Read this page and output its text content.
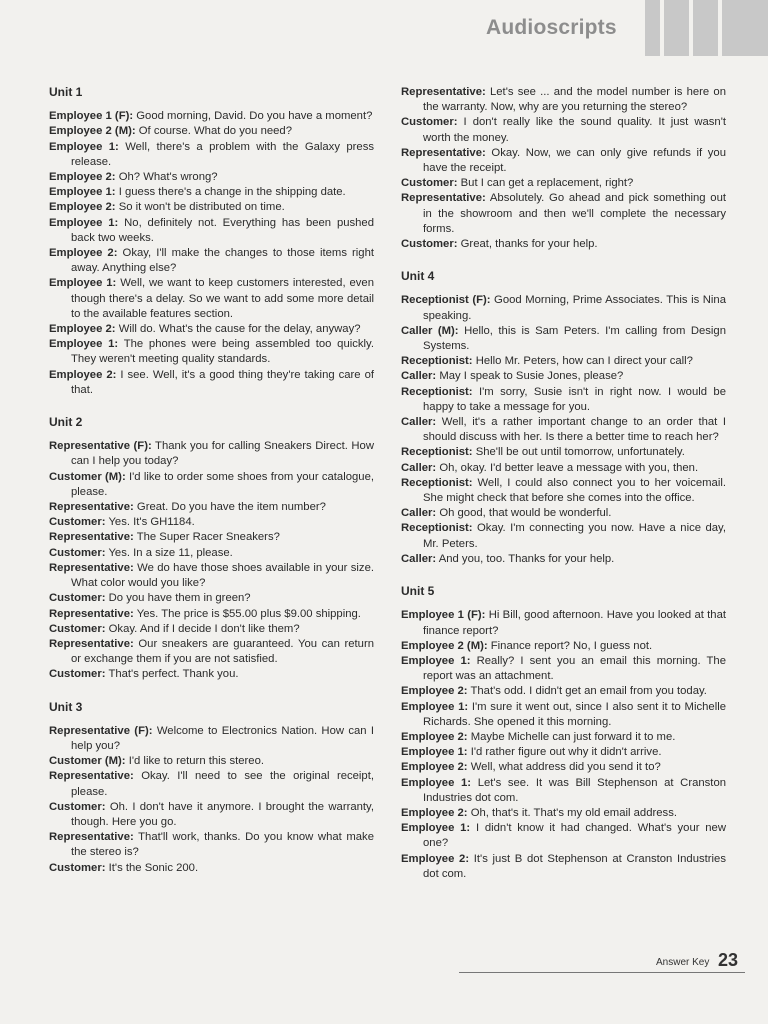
Audioscripts
Unit 1

Employee 1 (F): Good morning, David. Do you have a moment?

Employee 2 (M): Of course. What do you need?

Employee 1: Well, there's a problem with the Galaxy press release.

Employee 2: Oh? What's wrong?

Employee 1: I guess there's a change in the shipping date.

Employee 2: So it won't be distributed on time.

Employee 1: No, definitely not. Everything has been pushed back two weeks.

Employee 2: Okay, I'll make the changes to those items right away. Anything else?

Employee 1: Well, we want to keep customers interested, even though there's a delay. So we want to add some more detail to the available features section.

Employee 2: Will do. What's the cause for the delay, anyway?

Employee 1: The phones were being assembled too quickly. They weren't meeting quality standards.

Employee 2: I see. Well, it's a good thing they're taking care of that.

Unit 2

Representative (F): Thank you for calling Sneakers Direct. How can I help you today?

Customer (M): I'd like to order some shoes from your catalogue, please.

Representative: Great. Do you have the item number?

Customer: Yes. It's GH1184.

Representative: The Super Racer Sneakers?

Customer: Yes. In a size 11, please.

Representative: We do have those shoes available in your size. What color would you like?

Customer: Do you have them in green?

Representative: Yes. The price is $55.00 plus $9.00 shipping.

Customer: Okay. And if I decide I don't like them?

Representative: Our sneakers are guaranteed. You can return or exchange them if you are not satisfied.

Customer: That's perfect. Thank you.

Unit 3

Representative (F): Welcome to Electronics Nation. How can I help you?

Customer (M): I'd like to return this stereo.

Representative: Okay. I'll need to see the original receipt, please.

Customer: Oh. I don't have it anymore. I brought the warranty, though. Here you go.

Representative: That'll work, thanks. Do you know what make the stereo is?

Customer: It's the Sonic 200.

Representative: Let's see ... and the model number is here on the warranty. Now, why are you returning the stereo?

Customer: I don't really like the sound quality. It just wasn't worth the money.

Representative: Okay. Now, we can only give refunds if you have the receipt.

Customer: But I can get a replacement, right?

Representative: Absolutely. Go ahead and pick something out in the showroom and then we'll complete the necessary forms.

Customer: Great, thanks for your help.

Unit 4

Receptionist (F): Good Morning, Prime Associates. This is Nina speaking.

Caller (M): Hello, this is Sam Peters. I'm calling from Design Systems.

Receptionist: Hello Mr. Peters, how can I direct your call?

Caller: May I speak to Susie Jones, please?

Receptionist: I'm sorry, Susie isn't in right now. I would be happy to take a message for you.

Caller: Well, it's a rather important change to an order that I should discuss with her. Is there a better time to reach her?

Receptionist: She'll be out until tomorrow, unfortunately.

Caller: Oh, okay. I'd better leave a message with you, then.

Receptionist: Well, I could also connect you to her voicemail. She might check that before she comes into the office.

Caller: Oh good, that would be wonderful.

Receptionist: Okay. I'm connecting you now. Have a nice day, Mr. Peters.

Caller: And you, too. Thanks for your help.

Unit 5

Employee 1 (F): Hi Bill, good afternoon. Have you looked at that finance report?

Employee 2 (M): Finance report? No, I guess not.

Employee 1: Really? I sent you an email this morning. The report was an attachment.

Employee 2: That's odd. I didn't get an email from you today.

Employee 1: I'm sure it went out, since I also sent it to Michelle Richards. She opened it this morning.

Employee 2: Maybe Michelle can just forward it to me.

Employee 1: I'd rather figure out why it didn't arrive.

Employee 2: Well, what address did you send it to?

Employee 1: Let's see. It was Bill Stephenson at Cranston Industries dot com.

Employee 2: Oh, that's it. That's my old email address.

Employee 1: I didn't know it had changed. What's your new one?

Employee 2: It's just B dot Stephenson at Cranston Industries dot com.

Answer Key 23
